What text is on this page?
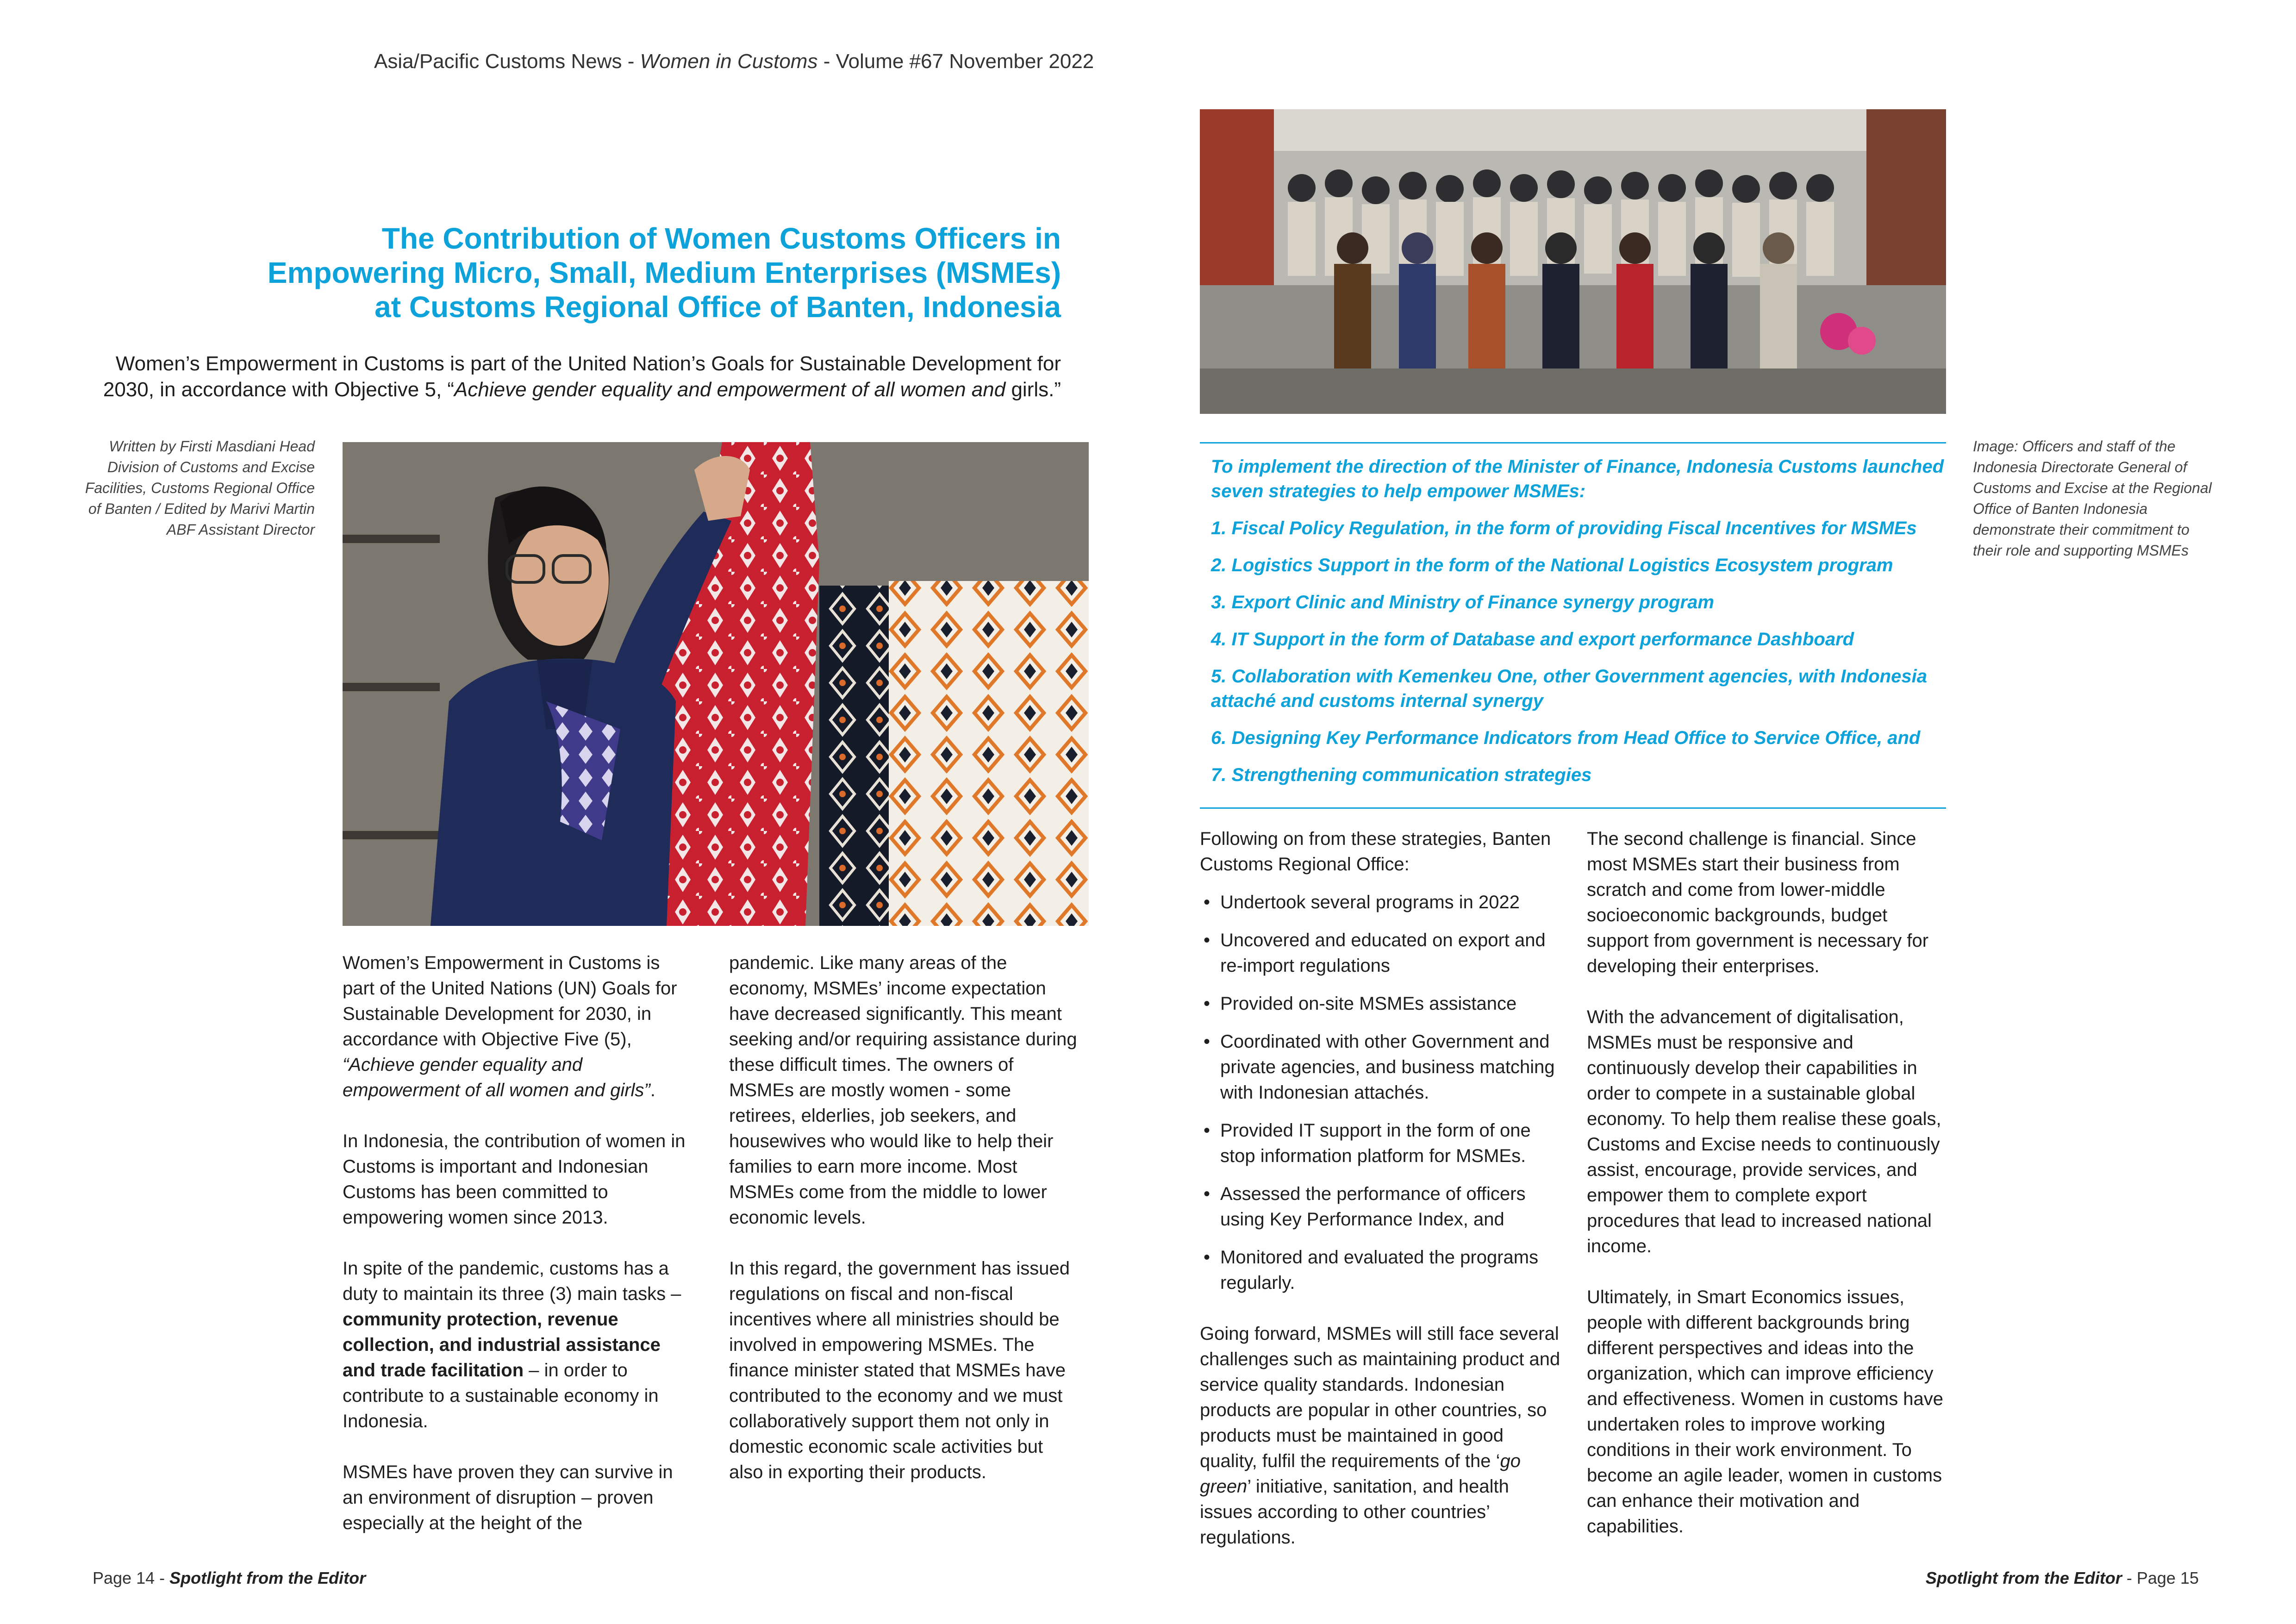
Asia/Pacific Customs News - Women in Customs - Volume #67 November 2022
The Contribution of Women Customs Officers in
Empowering Micro, Small, Medium Enterprises (MSMEs)
at Customs Regional Office of Banten, Indonesia
Women’s Empowerment in Customs is part of the United Nation’s Goals for Sustainable Development for 2030, in accordance with Objective 5, “Achieve gender equality and empowerment of all women and girls.”
Written by Firsti Masdiani Head Division of Customs and Excise Facilities, Customs Regional Office of Banten / Edited by Marivi Martin ABF Assistant Director
Image: Officers and staff of the Indonesia Directorate General of Customs and Excise at the Regional Office of Banten Indonesia demonstrate their commitment to their role and supporting MSMEs

Women’s Empowerment in Customs is part of the United Nations (UN) Goals for Sustainable Development for 2030, in accordance with Objective Five (5), “Achieve gender equality and empowerment of all women and girls”.

In Indonesia, the contribution of women in Customs is important and Indonesian Customs has been committed to empowering women since 2013.

In spite of the pandemic, customs has a duty to maintain its three (3) main tasks – community protection, revenue collection, and industrial assistance and trade facilitation – in order to contribute to a sustainable economy in Indonesia.

MSMEs have proven they can survive in an environment of disruption – proven especially at the height of the

pandemic. Like many areas of the economy, MSMEs’ income expectation have decreased significantly. This meant seeking and/or requiring assistance during these difficult times. The owners of MSMEs are mostly women - some retirees, elderlies, job seekers, and housewives who would like to help their families to earn more income. Most MSMEs come from the middle to lower economic levels.

In this regard, the government has issued regulations on fiscal and non-fiscal incentives where all ministries should be involved in empowering MSMEs. The finance minister stated that MSMEs have contributed to the economy and we must collaboratively support them not only in domestic economic scale activities but also in exporting their products.

To implement the direction of the Minister of Finance, Indonesia Customs launched seven strategies to help empower MSMEs:
1. Fiscal Policy Regulation, in the form of providing Fiscal Incentives for MSMEs
2. Logistics Support in the form of the National Logistics Ecosystem program
3. Export Clinic and Ministry of Finance synergy program
4. IT Support in the form of Database and export performance Dashboard
5. Collaboration with Kemenkeu One, other Government agencies, with Indonesia attaché and customs internal synergy
6. Designing Key Performance Indicators from Head Office to Service Office, and
7. Strengthening communication strategies

Following on from these strategies, Banten Customs Regional Office:

• Undertook several programs in 2022
• Uncovered and educated on export and re-import regulations
• Provided on-site MSMEs assistance
• Coordinated with other Government and private agencies, and business matching with Indonesian attachés.
• Provided IT support in the form of one stop information platform for MSMEs.
• Assessed the performance of officers using Key Performance Index, and
• Monitored and evaluated the programs regularly.

Going forward, MSMEs will still face several challenges such as maintaining product and service quality standards. Indonesian products are popular in other countries, so products must be maintained in good quality, fulfil the requirements of the ‘go green’ initiative, sanitation, and health issues according to other countries’ regulations.

The second challenge is financial. Since most MSMEs start their business from scratch and come from lower-middle socioeconomic backgrounds, budget support from government is necessary for developing their enterprises.

With the advancement of digitalisation, MSMEs must be responsive and continuously develop their capabilities in order to compete in a sustainable global economy. To help them realise these goals, Customs and Excise needs to continuously assist, encourage, provide services, and empower them to complete export procedures that lead to increased national income.

Ultimately, in Smart Economics issues, people with different backgrounds bring different perspectives and ideas into the organization, which can improve efficiency and effectiveness. Women in customs have undertaken roles to improve working conditions in their work environment. To become an agile leader, women in customs can enhance their motivation and capabilities.

Page 14 - Spotlight from the Editor	Spotlight from the Editor - Page 15
